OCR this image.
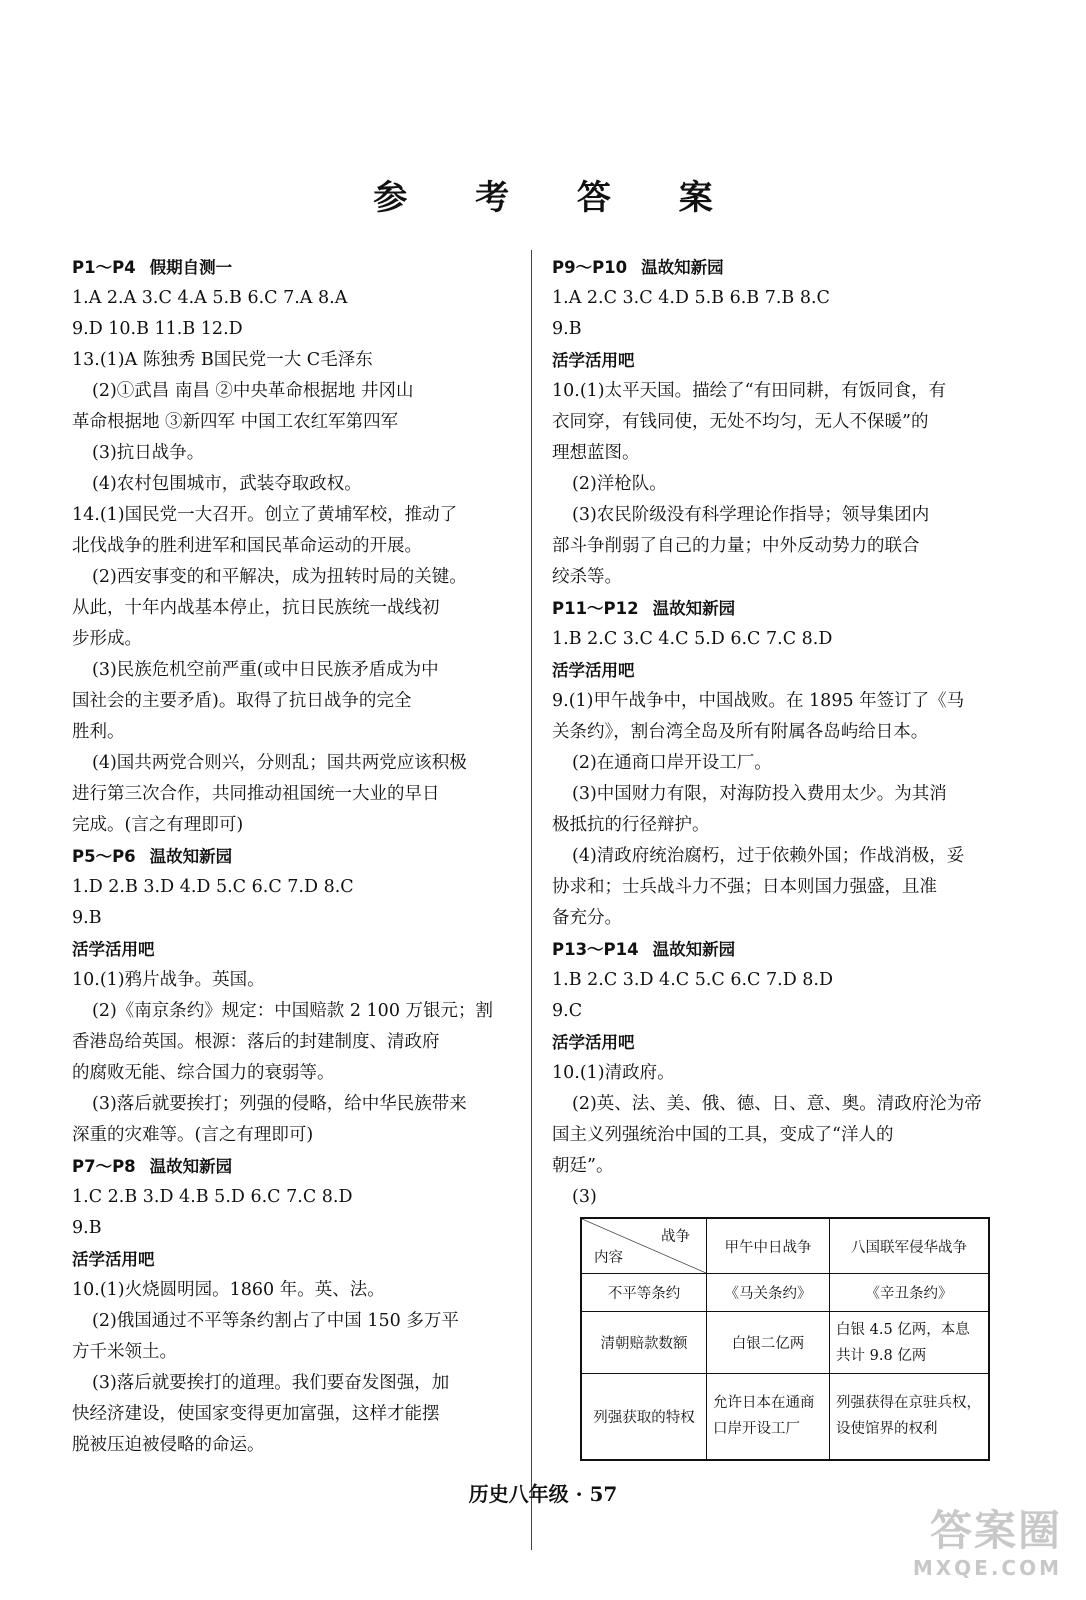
参 考 答 案
P1～P4 假期自测一
1.A 2.A 3.C 4.A 5.B 6.C 7.A 8.A
9.D 10.B 11.B 12.D
13.(1)A 陈独秀 B国民党一大 C毛泽东
(2)①武昌 南昌 ②中央革命根据地 井冈山
革命根据地 ③新四军 中国工农红军第四军
(3)抗日战争。
(4)农村包围城市，武装夺取政权。
14.(1)国民党一大召开。创立了黄埔军校，推动了
北伐战争的胜利进军和国民革命运动的开展。
(2)西安事变的和平解决，成为扭转时局的关键。
从此，十年内战基本停止，抗日民族统一战线初
步形成。
(3)民族危机空前严重(或中日民族矛盾成为中
国社会的主要矛盾)。取得了抗日战争的完全
胜利。
(4)国共两党合则兴，分则乱；国共两党应该积极
进行第三次合作，共同推动祖国统一大业的早日
完成。(言之有理即可)
P5～P6 温故知新园
1.D 2.B 3.D 4.D 5.C 6.C 7.D 8.C
9.B
活学活用吧
10.(1)鸦片战争。英国。
(2)《南京条约》规定：中国赔款 2 100 万银元；割
香港岛给英国。根源：落后的封建制度、清政府
的腐败无能、综合国力的衰弱等。
(3)落后就要挨打；列强的侵略，给中华民族带来
深重的灾难等。(言之有理即可)
P7～P8 温故知新园
1.C 2.B 3.D 4.B 5.D 6.C 7.C 8.D
9.B
活学活用吧
10.(1)火烧圆明园。1860 年。英、法。
(2)俄国通过不平等条约割占了中国 150 多万平
方千米领土。
(3)落后就要挨打的道理。我们要奋发图强，加
快经济建设，使国家变得更加富强，这样才能摆
脱被压迫被侵略的命运。
P9～P10 温故知新园
1.A 2.C 3.C 4.D 5.B 6.B 7.B 8.C
9.B
活学活用吧
10.(1)太平天国。描绘了“有田同耕，有饭同食，有
衣同穿，有钱同使，无处不均匀，无人不保暖”的
理想蓝图。
(2)洋枪队。
(3)农民阶级没有科学理论作指导；领导集团内
部斗争削弱了自己的力量；中外反动势力的联合
绞杀等。
P11～P12 温故知新园
1.B 2.C 3.C 4.C 5.D 6.C 7.C 8.D
活学活用吧
9.(1)甲午战争中，中国战败。在 1895 年签订了《马
关条约》，割台湾全岛及所有附属各岛屿给日本。
(2)在通商口岸开设工厂。
(3)中国财力有限，对海防投入费用太少。为其消
极抵抗的行径辩护。
(4)清政府统治腐朽，过于依赖外国；作战消极，妥
协求和；士兵战斗力不强；日本则国力强盛，且准
备充分。
P13～P14 温故知新园
1.B 2.C 3.D 4.C 5.C 6.C 7.D 8.D
9.C
活学活用吧
10.(1)清政府。
(2)英、法、美、俄、德、日、意、奥。清政府沦为帝
国主义列强统治中国的工具，变成了“洋人的
朝廷”。
(3)
战争
内容	甲午中日战争	八国联军侵华战争
不平等条约	《马关条约》	《辛丑条约》
清朝赔款数额	白银二亿两	白银 4.5 亿两，本息共计 9.8 亿两
列强获取的特权	允许日本在通商口岸开设工厂	列强获得在京驻兵权，设使馆界的权利
历史八年级 · 57
答案圈
MXQE.COM
